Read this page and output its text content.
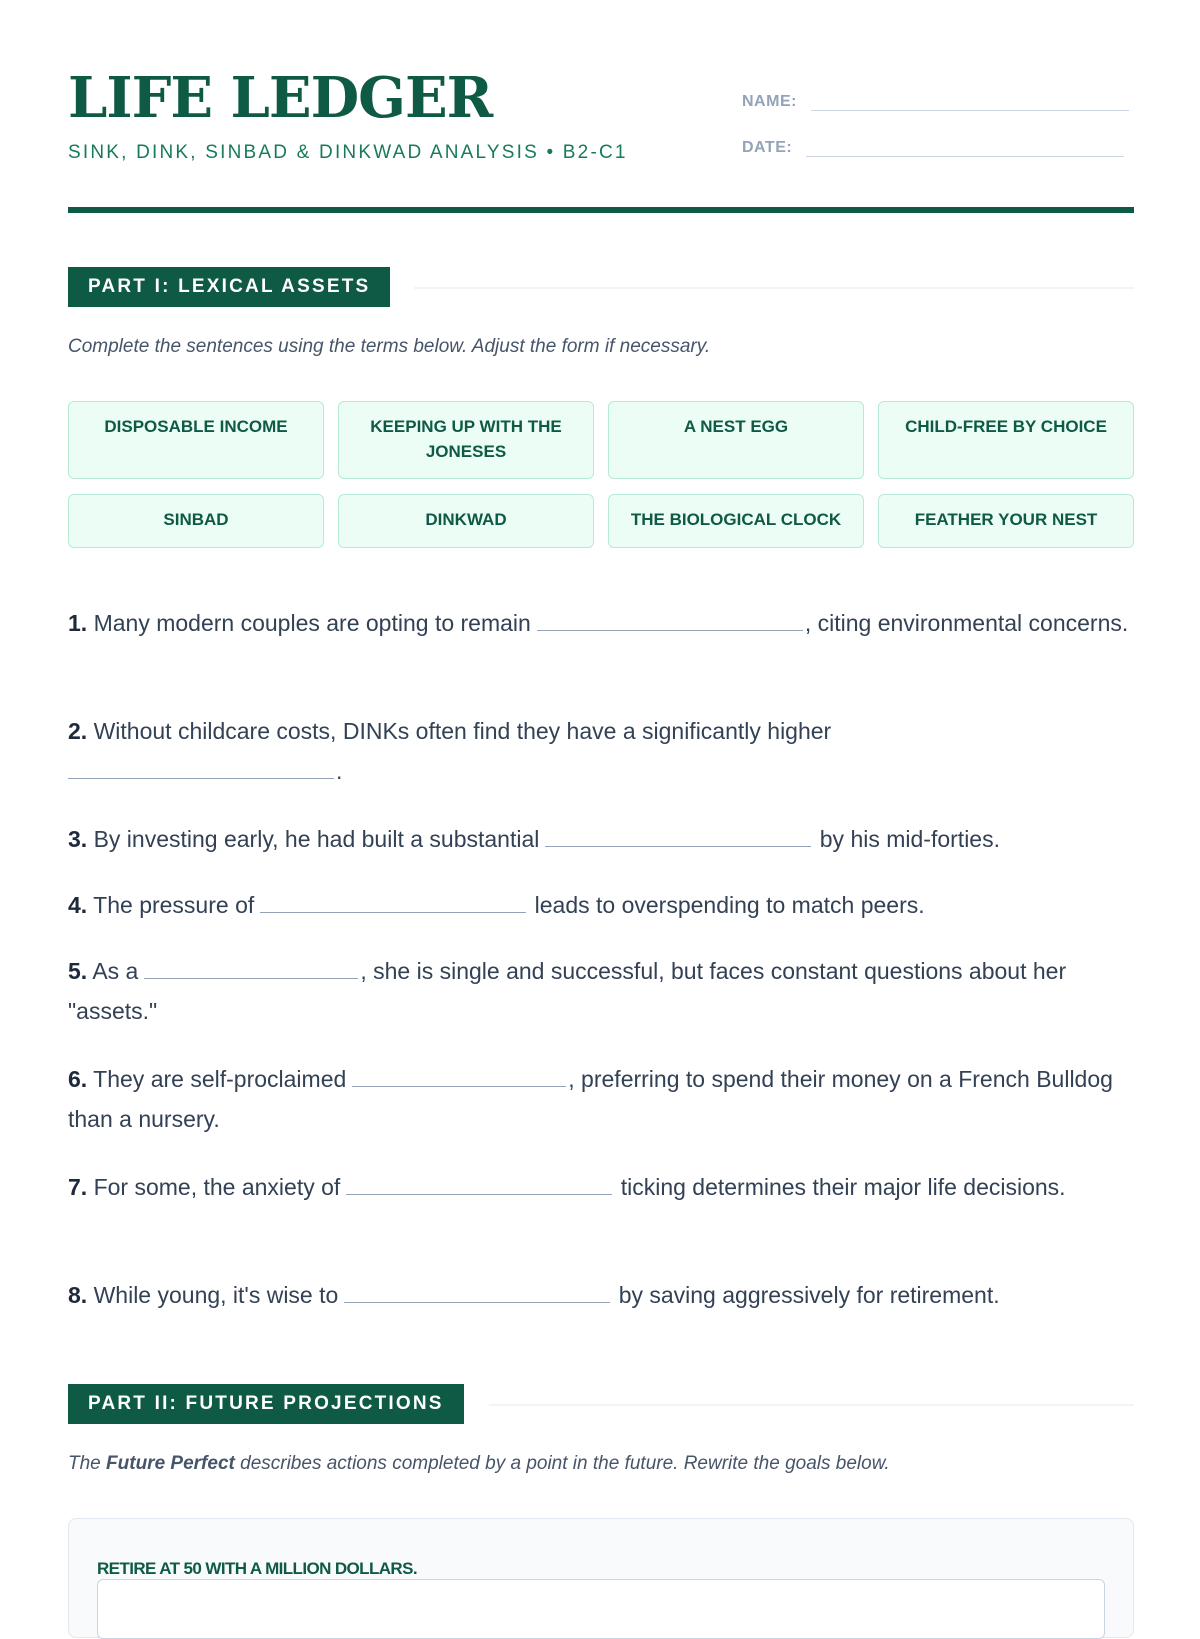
LIFE LEDGER
SINK, DINK, SINBAD & DINKWAD ANALYSIS • B2-C1
NAME:
DATE:
PART I: LEXICAL ASSETS
Complete the sentences using the terms below. Adjust the form if necessary.
DISPOSABLE INCOME	KEEPING UP WITH THE JONESES
A NEST EGG	CHILD-FREE BY CHOICE
SINBAD	DINKWAD	THE BIOLOGICAL CLOCK	FEATHER YOUR NEST
1. Many modern couples are opting to remain	, citing environmental concerns.
2. Without childcare costs, DINKs often find they have a significantly higher
.
3. By investing early, he had built a substantial	by his mid-forties.
4. The pressure of	leads to overspending to match peers.
5. As a	, she is single and successful, but faces constant questions about her "assets."
6. They are self-proclaimed	, preferring to spend their money on a French Bulldog than a nursery.
7. For some, the anxiety of	ticking determines their major life decisions.
8. While young, it's wise to	by saving aggressively for retirement.
PART II: FUTURE PROJECTIONS
The Future Perfect describes actions completed by a point in the future. Rewrite the goals below.
RETIRE AT 50 WITH A MILLION DOLLARS.
